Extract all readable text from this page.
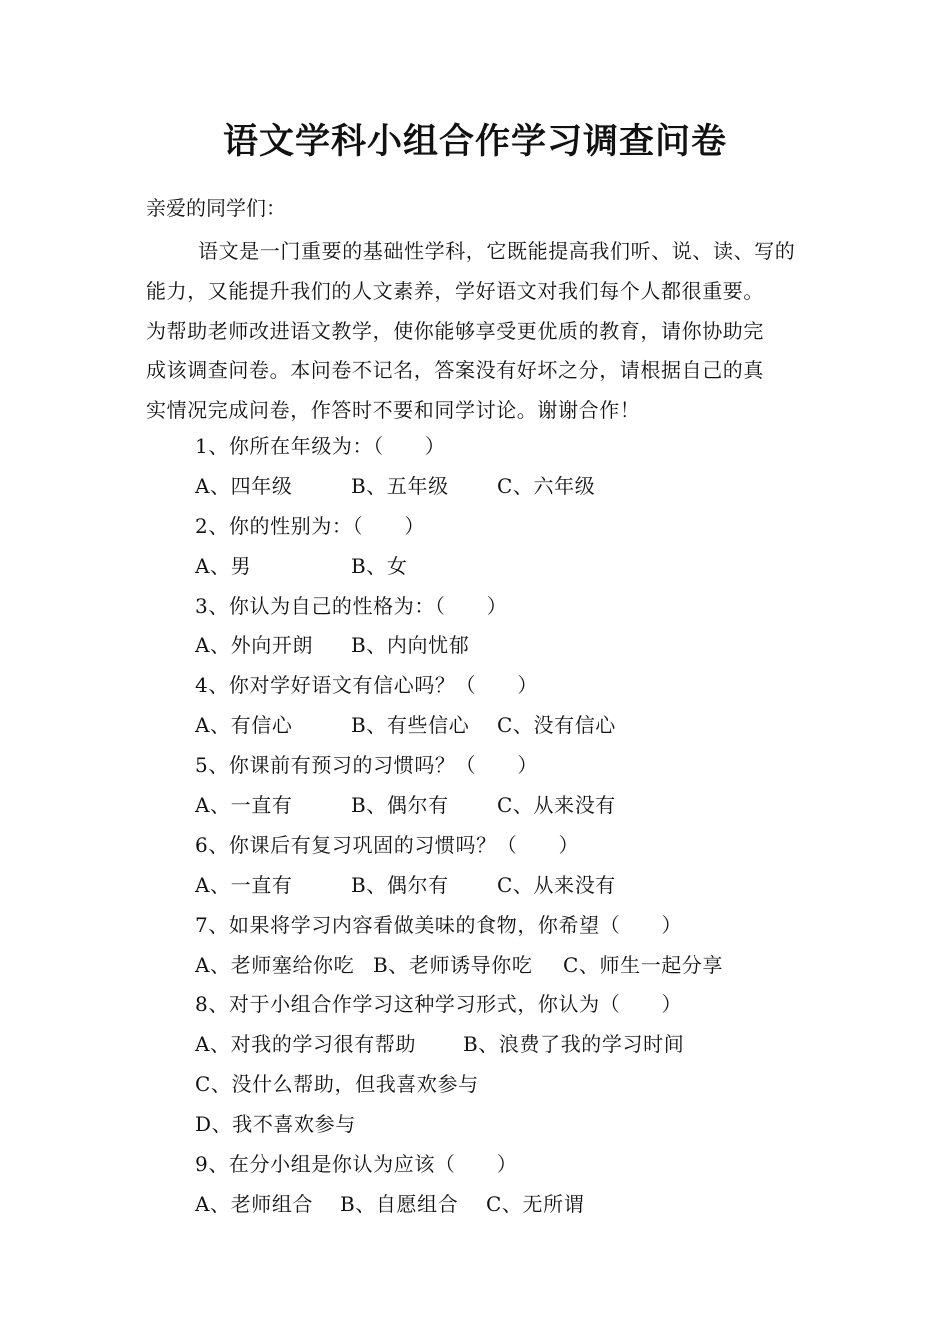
语文学科小组合作学习调查问卷
亲爱的同学们：

语文是一门重要的基础性学科，它既能提高我们听、说、读、写的
能力，又能提升我们的人文素养，学好语文对我们每个人都很重要。
为帮助老师改进语文教学，使你能够享受更优质的教育，请你协助完
成该调查问卷。本问卷不记名，答案没有好坏之分，请根据自己的真
实情况完成问卷，作答时不要和同学讨论。谢谢合作！

1、你所在年级为：（　　）
A、四年级	B、五年级 C、六年级
2、你的性别为：（　　）
A、男	B、女
3、你认为自己的性格为：（　　）
A、外向开朗 B、内向忧郁
4、你对学好语文有信心吗？（　　）
A、有信心	B、有些信心 C、没有信心
5、你课前有预习的习惯吗？（　　）
A、一直有	B、偶尔有 C、从来没有
6、你课后有复习巩固的习惯吗？（　　）
A、一直有	B、偶尔有 C、从来没有
7、如果将学习内容看做美味的食物，你希望（　　）
A、老师塞给你吃 B、老师诱导你吃 C、师生一起分享
8、对于小组合作学习这种学习形式，你认为（　　）
A、对我的学习很有帮助 B、浪费了我的学习时间
C、没什么帮助，但我喜欢参与
D、我不喜欢参与
9、在分小组是你认为应该（　　）
A、老师组合 B、自愿组合 C、无所谓
